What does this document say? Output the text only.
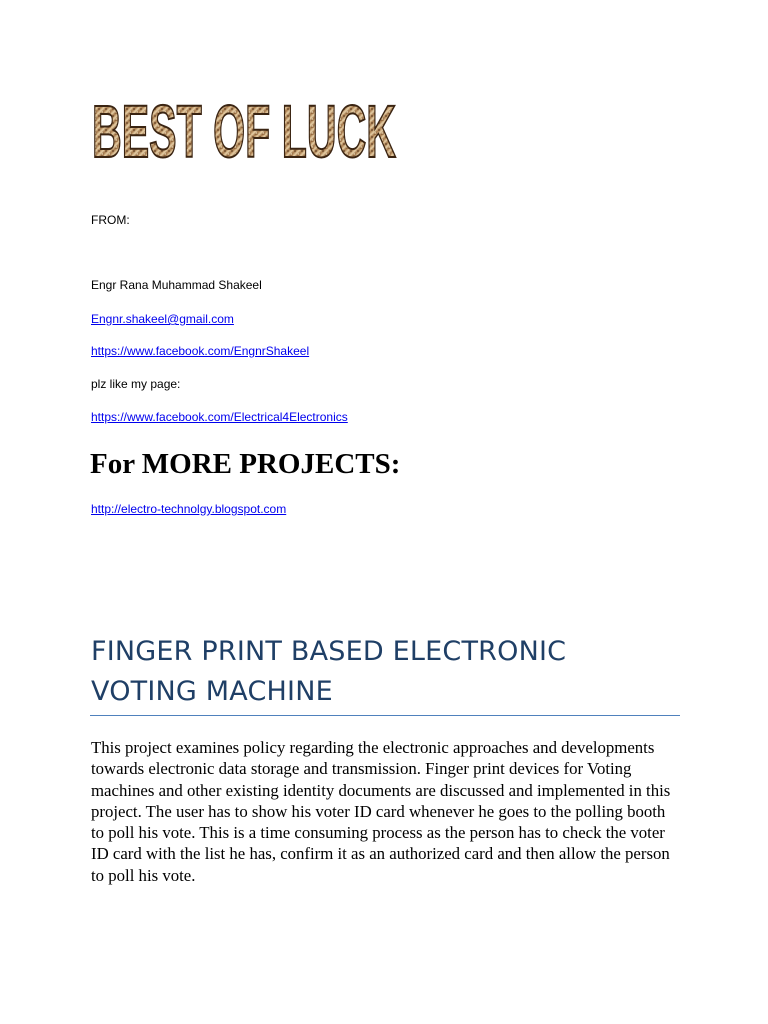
BEST OF LUCK
FROM:
Engr Rana Muhammad Shakeel
Engnr.shakeel@gmail.com
https://www.facebook.com/EngnrShakeel
plz like my page:
https://www.facebook.com/Electrical4Electronics
For MORE PROJECTS:
http://electro-technolgy.blogspot.com
FINGER PRINT BASED ELECTRONIC
VOTING MACHINE

This project examines policy regarding the electronic approaches and developments towards electronic data storage and transmission. Finger print devices for Voting machines and other existing identity documents are discussed and implemented in this project. The user has to show his voter ID card whenever he goes to the polling booth to poll his vote. This is a time consuming process as the person has to check the voter ID card with the list he has, confirm it as an authorized card and then allow the person to poll his vote.
